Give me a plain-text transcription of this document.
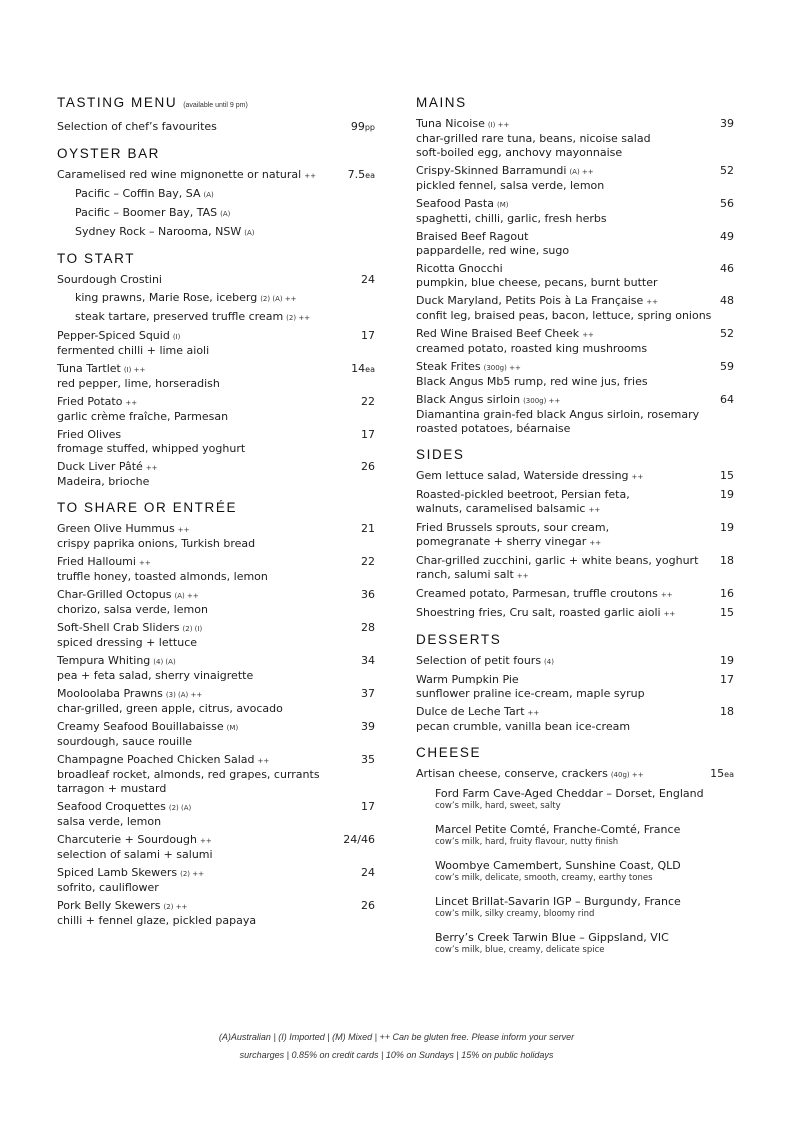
TASTING MENU (available until 9 pm)
Selection of chef’s favourites	99pp
OYSTER BAR
Caramelised red wine mignonette or natural ++	7.5ea
Pacific – Coffin Bay, SA (A)
Pacific – Boomer Bay, TAS (A)
Sydney Rock – Narooma, NSW (A)
TO START
Sourdough Crostini	24
king prawns, Marie Rose, iceberg (2) (A) ++
steak tartare, preserved truffle cream (2) ++
Pepper-Spiced Squid (I)	17
fermented chilli + lime aioli
Tuna Tartlet (I) ++	14ea
red pepper, lime, horseradish
Fried Potato ++	22
garlic crème fraîche, Parmesan
Fried Olives	17
fromage stuffed, whipped yoghurt
Duck Liver Pâté ++	26
Madeira, brioche
TO SHARE OR ENTRÉE
Green Olive Hummus ++	21
crispy paprika onions, Turkish bread
Fried Halloumi ++	22
truffle honey, toasted almonds, lemon
Char-Grilled Octopus (A) ++	36
chorizo, salsa verde, lemon
Soft-Shell Crab Sliders (2) (I)	28
spiced dressing + lettuce
Tempura Whiting (4) (A)	34
pea + feta salad, sherry vinaigrette
Mooloolaba Prawns (3) (A) ++	37
char-grilled, green apple, citrus, avocado
Creamy Seafood Bouillabaisse (M)	39
sourdough, sauce rouille
Champagne Poached Chicken Salad ++	35
broadleaf rocket, almonds, red grapes, currants
tarragon + mustard
Seafood Croquettes (2) (A)	17
salsa verde, lemon
Charcuterie + Sourdough ++	24/46
selection of salami + salumi
Spiced Lamb Skewers (2) ++	24
sofrito, cauliflower
Pork Belly Skewers (2) ++	26
chilli + fennel glaze, pickled papaya
MAINS
Tuna Nicoise (I) ++	39
char-grilled rare tuna, beans, nicoise salad
soft-boiled egg, anchovy mayonnaise
Crispy-Skinned Barramundi (A) ++	52
pickled fennel, salsa verde, lemon
Seafood Pasta (M)	56
spaghetti, chilli, garlic, fresh herbs
Braised Beef Ragout	49
pappardelle, red wine, sugo
Ricotta Gnocchi	46
pumpkin, blue cheese, pecans, burnt butter
Duck Maryland, Petits Pois à La Française ++	48
confit leg, braised peas, bacon, lettuce, spring onions
Red Wine Braised Beef Cheek ++	52
creamed potato, roasted king mushrooms
Steak Frites (300g) ++	59
Black Angus Mb5 rump, red wine jus, fries
Black Angus sirloin (300g) ++	64
Diamantina grain-fed black Angus sirloin, rosemary
roasted potatoes, béarnaise
SIDES
Gem lettuce salad, Waterside dressing ++	15
Roasted-pickled beetroot, Persian feta,	19
walnuts, caramelised balsamic ++
Fried Brussels sprouts, sour cream,	19
pomegranate + sherry vinegar ++
Char-grilled zucchini, garlic + white beans, yoghurt	18
ranch, salumi salt ++
Creamed potato, Parmesan, truffle croutons ++	16
Shoestring fries, Cru salt, roasted garlic aioli ++	15
DESSERTS
Selection of petit fours (4)	19
Warm Pumpkin Pie	17
sunflower praline ice-cream, maple syrup
Dulce de Leche Tart ++	18
pecan crumble, vanilla bean ice-cream
CHEESE
Artisan cheese, conserve, crackers (40g) ++	15ea
Ford Farm Cave-Aged Cheddar – Dorset, England
cow’s milk, hard, sweet, salty
Marcel Petite Comté, Franche-Comté, France
cow’s milk, hard, fruity flavour, nutty finish
Woombye Camembert, Sunshine Coast, QLD
cow’s milk, delicate, smooth, creamy, earthy tones
Lincet Brillat-Savarin IGP – Burgundy, France
cow’s milk, silky creamy, bloomy rind
Berry’s Creek Tarwin Blue – Gippsland, VIC
cow’s milk, blue, creamy, delicate spice
(A)Australian | (I) Imported | (M) Mixed | ++ Can be gluten free. Please inform your server
surcharges | 0.85% on credit cards | 10% on Sundays | 15% on public holidays
